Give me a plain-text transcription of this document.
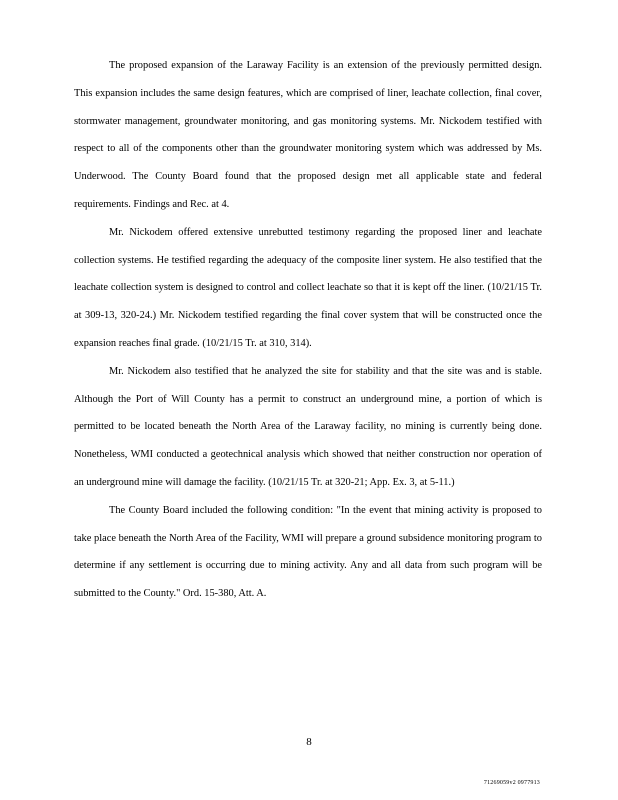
The proposed expansion of the Laraway Facility is an extension of the previously permitted design. This expansion includes the same design features, which are comprised of liner, leachate collection, final cover, stormwater management, groundwater monitoring, and gas monitoring systems. Mr. Nickodem testified with respect to all of the components other than the groundwater monitoring system which was addressed by Ms. Underwood. The County Board found that the proposed design met all applicable state and federal requirements. Findings and Rec. at 4.

Mr. Nickodem offered extensive unrebutted testimony regarding the proposed liner and leachate collection systems. He testified regarding the adequacy of the composite liner system. He also testified that the leachate collection system is designed to control and collect leachate so that it is kept off the liner. (10/21/15 Tr. at 309-13, 320-24.) Mr. Nickodem testified regarding the final cover system that will be constructed once the expansion reaches final grade. (10/21/15 Tr. at 310, 314).

Mr. Nickodem also testified that he analyzed the site for stability and that the site was and is stable. Although the Port of Will County has a permit to construct an underground mine, a portion of which is permitted to be located beneath the North Area of the Laraway facility, no mining is currently being done. Nonetheless, WMI conducted a geotechnical analysis which showed that neither construction nor operation of an underground mine will damage the facility. (10/21/15 Tr. at 320-21; App. Ex. 3, at 5-11.)

The County Board included the following condition: "In the event that mining activity is proposed to take place beneath the North Area of the Facility, WMI will prepare a ground subsidence monitoring program to determine if any settlement is occurring due to mining activity. Any and all data from such program will be submitted to the County." Ord. 15-380, Att. A.

8
71269059v2 0977913
